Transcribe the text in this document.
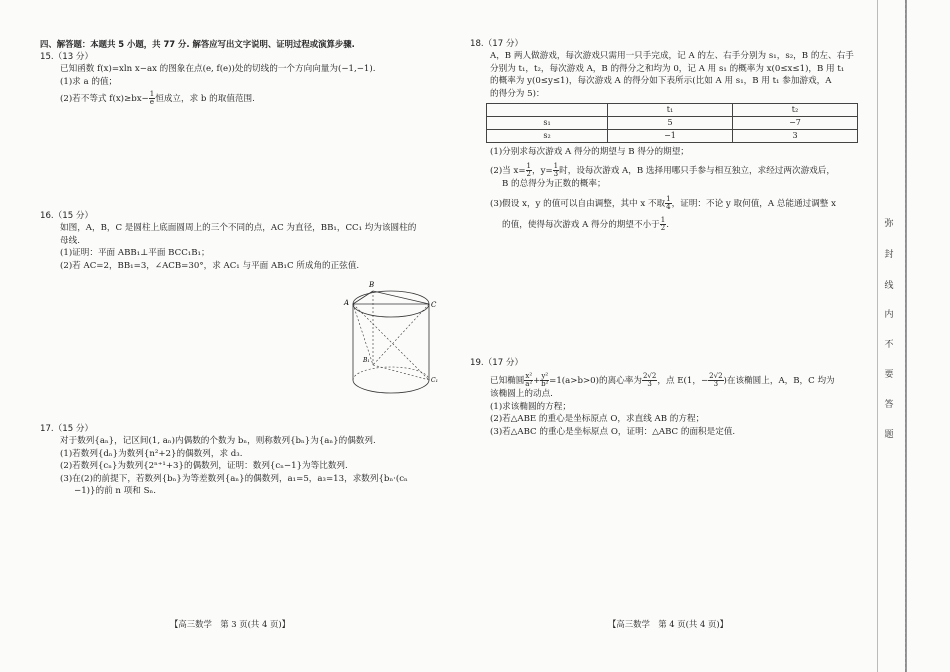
四、解答题：本题共 5 小题，共 77 分. 解答应写出文字说明、证明过程或演算步骤.

15.（13 分）

已知函数 f(x)=xln x−ax 的图象在点(e, f(e))处的切线的一个方向向量为(−1,−1).

(1)求 a 的值；

(2)若不等式 $f(x)\ge bx- \frac{1}{e}$ 恒成立，求 b 的取值范围.

16.（15 分）

如图，A，B，C 是圆柱上底面圆周上的三个不同的点，AC 为直径，BB₁，CC₁ 均为该圆柱的

母线.

(1)证明：平面 ABB₁⊥平面 BCC₁B₁；

(2)若 AC=2，BB₁=3，∠ACB=30°，求 AC₁ 与平面 AB₁C 所成角的正弦值.

A
B
C
B₁
C₁

17.（15 分）

对于数列{aₙ}，记区间(1, aₙ)内偶数的个数为 bₙ，则称数列{bₙ}为{aₙ}的偶数列.

(1)若数列{dₙ}为数列{n²+2}的偶数列，求 d₃.

(2)若数列{cₙ}为数列{2ⁿ⁺¹+3}的偶数列，证明：数列{cₙ−1}为等比数列.

(3)在(2)的前提下，若数列{bₙ}为等差数列{aₙ}的偶数列，a₁=5，a₃=13，求数列{bₙ·(cₙ

−1)}的前 n 项和 Sₙ.

【高三数学　第 3 页(共 4 页)】

18.（17 分）

A，B 两人做游戏，每次游戏只需用一只手完成，记 A 的左、右手分别为 s₁，s₂，B 的左、右手

分别为 t₁，t₂，每次游戏 A，B 的得分之和均为 0，记 A 用 s₁ 的概率为 x(0≤x≤1)，B 用 t₁

的概率为 y(0≤y≤1)，每次游戏 A 的得分如下表所示(比如 A 用 s₁，B 用 t₁ 参加游戏，A

的得分为 5)：

	t₁	t₂
s₁	5	−7
s₂	−1	3

(1)分别求每次游戏 A 得分的期望与 B 得分的期望；

(2)当 $x= \frac{1}{2}$ ，$y= \frac{1}{3}$ 时，设每次游戏 A，B 选择用哪只手参与相互独立，求经过两次游戏后，

B 的总得分为正数的概率；

(3)假设 x，y 的值可以自由调整，其中 x 不取 $\frac{1}{4}$ ，证明：不论 y 取何值，A 总能通过调整 x

的值，使得每次游戏 A 得分的期望不小于 $\frac{1}{2}$ .

19.（17 分）

已知椭圆 $\frac{\text{x²}}{\text{a²}} + \frac{\text{y²}}{\text{b²}} =1(a>b>0)$的离心率为 $\frac{2√2}{3}$ ，点 E(1，− $\frac{2√2}{3}$ )在该椭圆上，A，B，C 均为

该椭圆上的动点.

(1)求该椭圆的方程；

(2)若△ABE 的重心是坐标原点 O，求直线 AB 的方程；

(3)若△ABC 的重心是坐标原点 O，证明：△ABC 的面积是定值.

【高三数学　第 4 页(共 4 页)】
弥
封
线
内
不
要
答
题
